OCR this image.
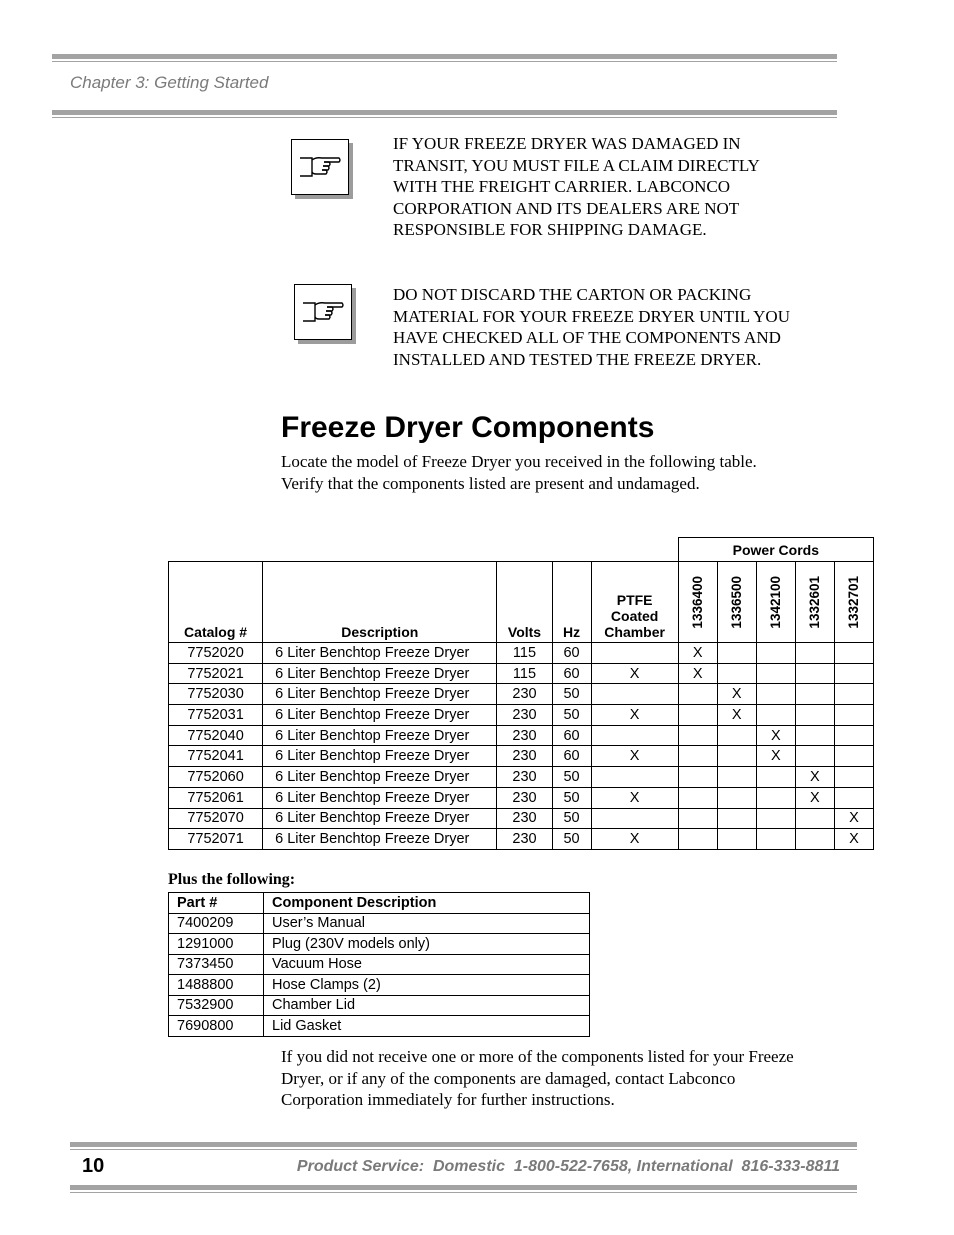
Chapter 3: Getting Started
IF YOUR FREEZE DRYER WAS DAMAGED IN TRANSIT, YOU MUST FILE A CLAIM DIRECTLY WITH THE FREIGHT CARRIER. LABCONCO CORPORATION AND ITS DEALERS ARE NOT RESPONSIBLE FOR SHIPPING DAMAGE.
DO NOT DISCARD THE CARTON OR PACKING MATERIAL FOR YOUR FREEZE DRYER UNTIL YOU HAVE CHECKED ALL OF THE COMPONENTS AND INSTALLED AND TESTED THE FREEZE DRYER.
Freeze Dryer Components
Locate the model of Freeze Dryer you received in the following table. Verify that the components listed are present and undamaged.
					Power Cords				
Catalog #	Description	Volts	Hz	PTFE Coated Chamber	1336400	1336500	1342100	1332601	1332701

7752020	6 Liter Benchtop Freeze Dryer	115	60		X				
7752021	6 Liter Benchtop Freeze Dryer	115	60	X	X				
7752030	6 Liter Benchtop Freeze Dryer	230	50			X			
7752031	6 Liter Benchtop Freeze Dryer	230	50	X		X			
7752040	6 Liter Benchtop Freeze Dryer	230	60				X		
7752041	6 Liter Benchtop Freeze Dryer	230	60	X			X		
7752060	6 Liter Benchtop Freeze Dryer	230	50					X	
7752061	6 Liter Benchtop Freeze Dryer	230	50	X				X	
7752070	6 Liter Benchtop Freeze Dryer	230	50						X
7752071	6 Liter Benchtop Freeze Dryer	230	50	X					X
Plus the following:
Part #	Component Description
7400209	User’s Manual
1291000	Plug (230V models only)
7373450	Vacuum Hose
1488800	Hose Clamps (2)
7532900	Chamber Lid
7690800	Lid Gasket
If you did not receive one or more of the components listed for your Freeze Dryer, or if any of the components are damaged, contact Labconco Corporation immediately for further instructions.
10	Product Service:  Domestic  1-800-522-7658, International  816-333-8811
